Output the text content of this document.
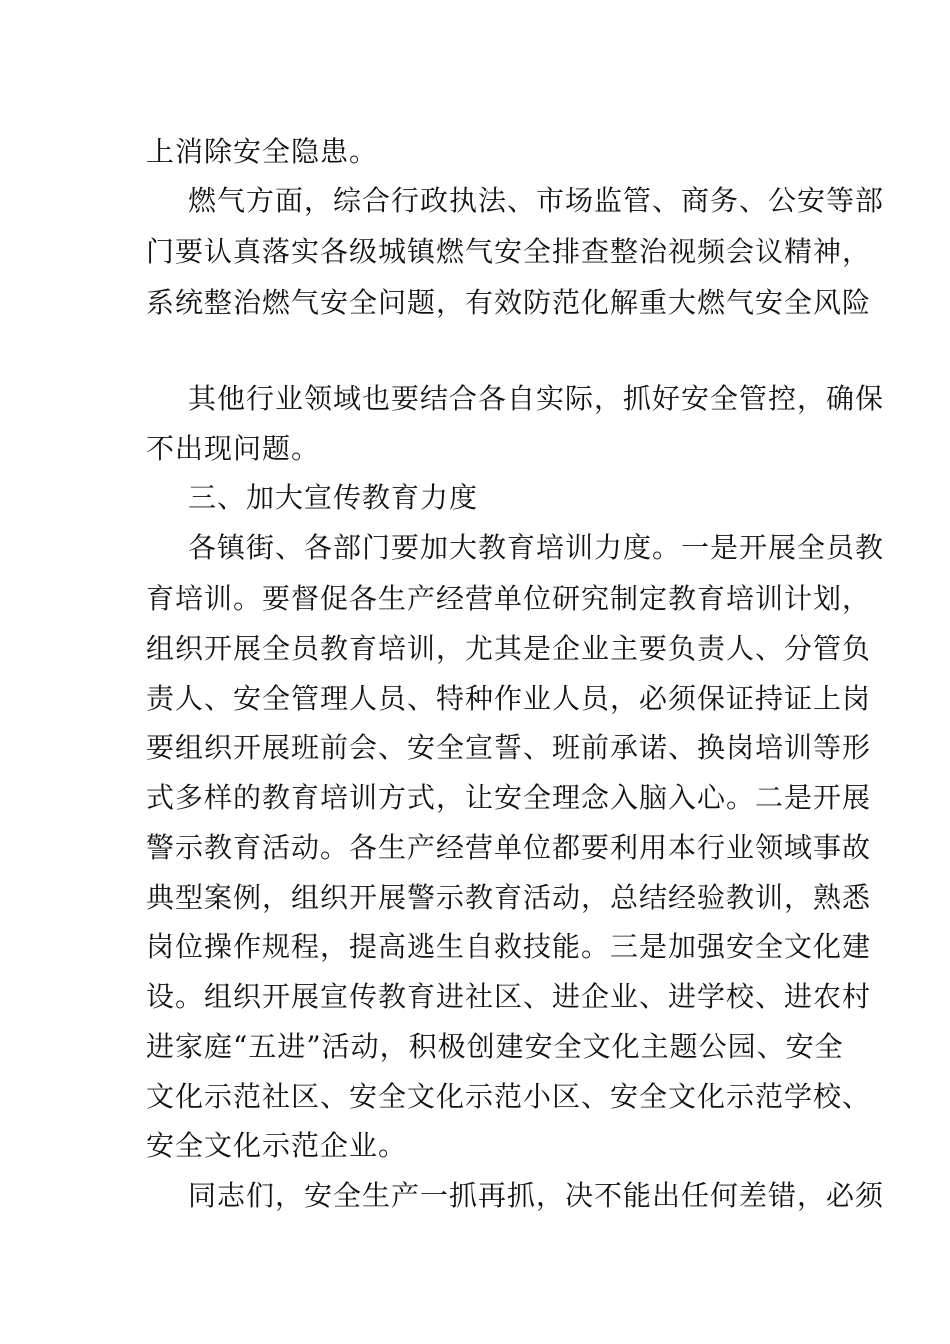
上消除安全隐患。
燃气方面，综合行政执法、市场监管、商务、公安等部
门要认真落实各级城镇燃气安全排查整治视频会议精神，
系统整治燃气安全问题，有效防范化解重大燃气安全风险
其他行业领域也要结合各自实际，抓好安全管控，确保
不出现问题。
三、加大宣传教育力度
各镇街、各部门要加大教育培训力度。一是开展全员教
育培训。要督促各生产经营单位研究制定教育培训计划，
组织开展全员教育培训，尤其是企业主要负责人、分管负
责人、安全管理人员、特种作业人员，必须保证持证上岗
要组织开展班前会、安全宣誓、班前承诺、换岗培训等形
式多样的教育培训方式，让安全理念入脑入心。二是开展
警示教育活动。各生产经营单位都要利用本行业领域事故
典型案例，组织开展警示教育活动，总结经验教训，熟悉
岗位操作规程，提高逃生自救技能。三是加强安全文化建
设。组织开展宣传教育进社区、进企业、进学校、进农村
进家庭“五进”活动，积极创建安全文化主题公园、安全
文化示范社区、安全文化示范小区、安全文化示范学校、
安全文化示范企业。
同志们，安全生产一抓再抓，决不能出任何差错，必须
